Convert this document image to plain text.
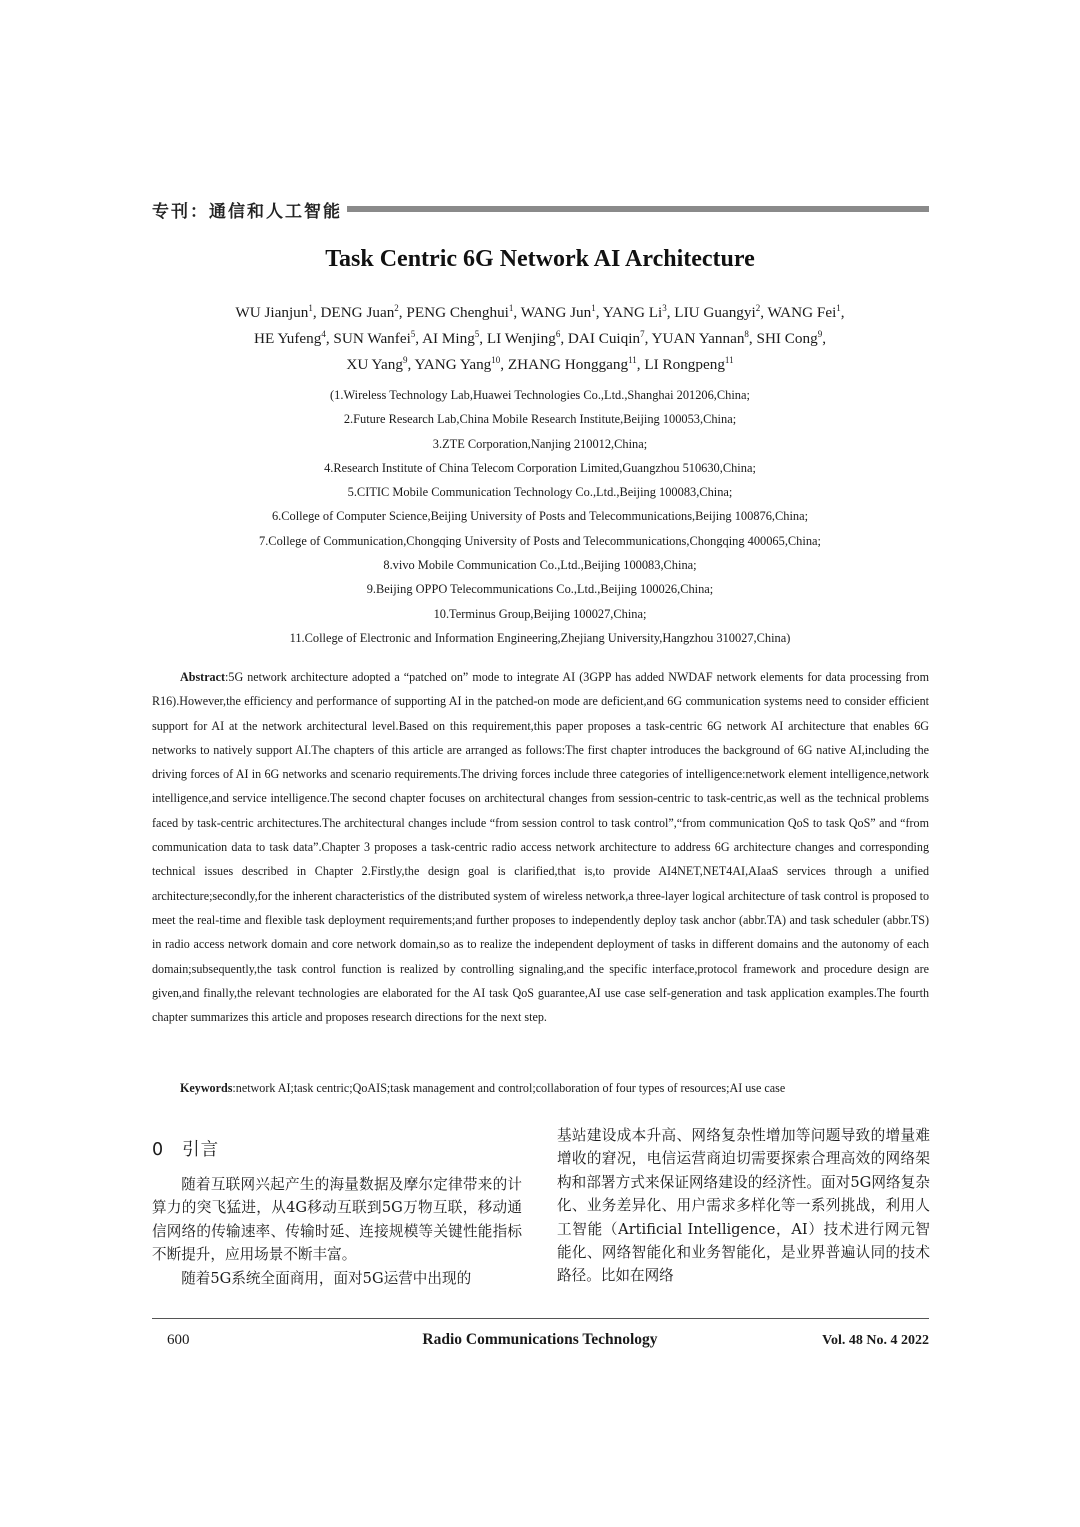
专刊：通信和人工智能
Task Centric 6G Network AI Architecture
WU Jianjun$^1$, DENG Juan$^2$, PENG Chenghui$^1$, WANG Jun$^1$, YANG Li$^3$, LIU Guangyi$^2$, WANG Fei$^1$,
HE Yufeng$^4$, SUN Wanfei$^5$, AI Ming$^5$, LI Wenjing$^6$, DAI Cuiqin$^7$, YUAN Yannan$^8$, SHI Cong$^9$,
XU Yang$^9$, YANG Yang$^{10}$, ZHANG Honggang$^{11}$, LI Rongpeng$^{11}$
(1.Wireless Technology Lab,Huawei Technologies Co.,Ltd.,Shanghai 201206,China;
2.Future Research Lab,China Mobile Research Institute,Beijing 100053,China;
3.ZTE Corporation,Nanjing 210012,China;
4.Research Institute of China Telecom Corporation Limited,Guangzhou 510630,China;
5.CITIC Mobile Communication Technology Co.,Ltd.,Beijing 100083,China;
6.College of Computer Science,Beijing University of Posts and Telecommunications,Beijing 100876,China;
7.College of Communication,Chongqing University of Posts and Telecommunications,Chongqing 400065,China;
8.vivo Mobile Communication Co.,Ltd.,Beijing 100083,China;
9.Beijing OPPO Telecommunications Co.,Ltd.,Beijing 100026,China;
10.Terminus Group,Beijing 100027,China;
11.College of Electronic and Information Engineering,Zhejiang University,Hangzhou 310027,China)
Abstract:5G network architecture adopted a “patched on” mode to integrate AI (3GPP has added NWDAF network elements for data processing from R16).However,the efficiency and performance of supporting AI in the patched-on mode are deficient,and 6G communication systems need to consider efficient support for AI at the network architectural level.Based on this requirement,this paper proposes a task-centric 6G network AI architecture that enables 6G networks to natively support AI.The chapters of this article are arranged as follows:The first chapter introduces the background of 6G native AI,including the driving forces of AI in 6G networks and scenario requirements.The driving forces include three categories of intelligence:network element intelligence,network intelligence,and service intelligence.The second chapter focuses on architectural changes from session-centric to task-centric,as well as the technical problems faced by task-centric architectures.The architectural changes include “from session control to task control”,“from communication QoS to task QoS” and “from communication data to task data”.Chapter 3 proposes a task-centric radio access network architecture to address 6G architecture changes and corresponding technical issues described in Chapter 2.Firstly,the design goal is clarified,that is,to provide AI4NET,NET4AI,AIaaS services through a unified architecture;secondly,for the inherent characteristics of the distributed system of wireless network,a three-layer logical architecture of task control is proposed to meet the real-time and flexible task deployment requirements;and further proposes to independently deploy task anchor (abbr.TA) and task scheduler (abbr.TS) in radio access network domain and core network domain,so as to realize the independent deployment of tasks in different domains and the autonomy of each domain;subsequently,the task control function is realized by controlling signaling,and the specific interface,protocol framework and procedure design are given,and finally,the relevant technologies are elaborated for the AI task QoS guarantee,AI use case self-generation and task application examples.The fourth chapter summarizes this article and proposes research directions for the next step.
Keywords:network AI;task centric;QoAIS;task management and control;collaboration of four types of resources;AI use case
0 引言

随着互联网兴起产生的海量数据及摩尔定律带来的计算力的突飞猛进，从4G移动互联到5G万物互联，移动通信网络的传输速率、传输时延、连接规模等关键性能指标不断提升，应用场景不断丰富。

随着5G系统全面商用，面对5G运营中出现的

基站建设成本升高、网络复杂性增加等问题导致的增量难增收的窘况，电信运营商迫切需要探索合理高效的网络架构和部署方式来保证网络建设的经济性。面对5G网络复杂化、业务差异化、用户需求多样化等一系列挑战，利用人工智能（Artificial Intelligence，AI）技术进行网元智能化、网络智能化和业务智能化，是业界普遍认同的技术路径。比如在网络

600	Radio Communications Technology	Vol. 48 No. 4 2022
